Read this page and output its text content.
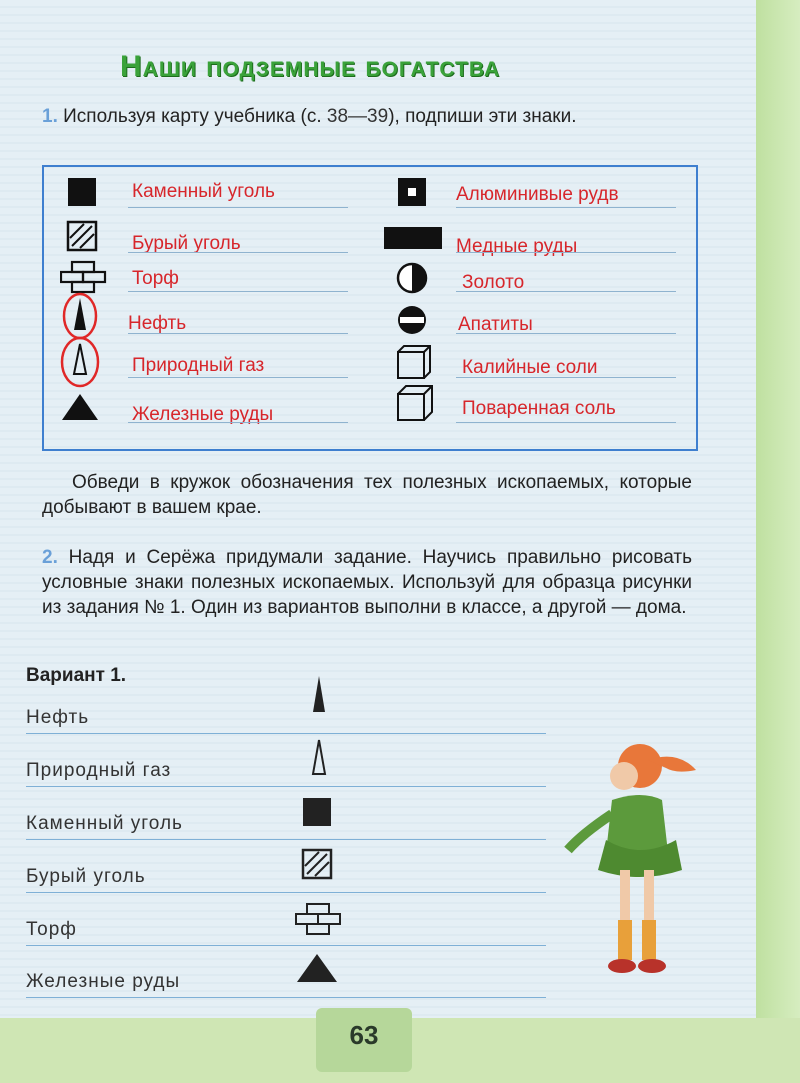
Наши подземные богатства
1. Используя карту учебника (с. 38—39), подпиши эти знаки.
Каменный уголь
Бурый уголь
Торф
Нефть
Природный газ
Железные руды
Алюминивые рудв
Медные руды
Золото
Апатиты
Калийные соли
Поваренная соль
Обведи в кружок обозначения тех полезных ископаемых, которые добывают в вашем крае.
2. Надя и Серёжа придумали задание. Научись правильно рисовать условные знаки полезных ископаемых. Используй для образца рисунки из задания № 1. Один из вариантов выполни в классе, а другой — дома.
Вариант 1.
Нефть
Природный газ
Каменный уголь
Бурый уголь
Торф
Железные руды
63
